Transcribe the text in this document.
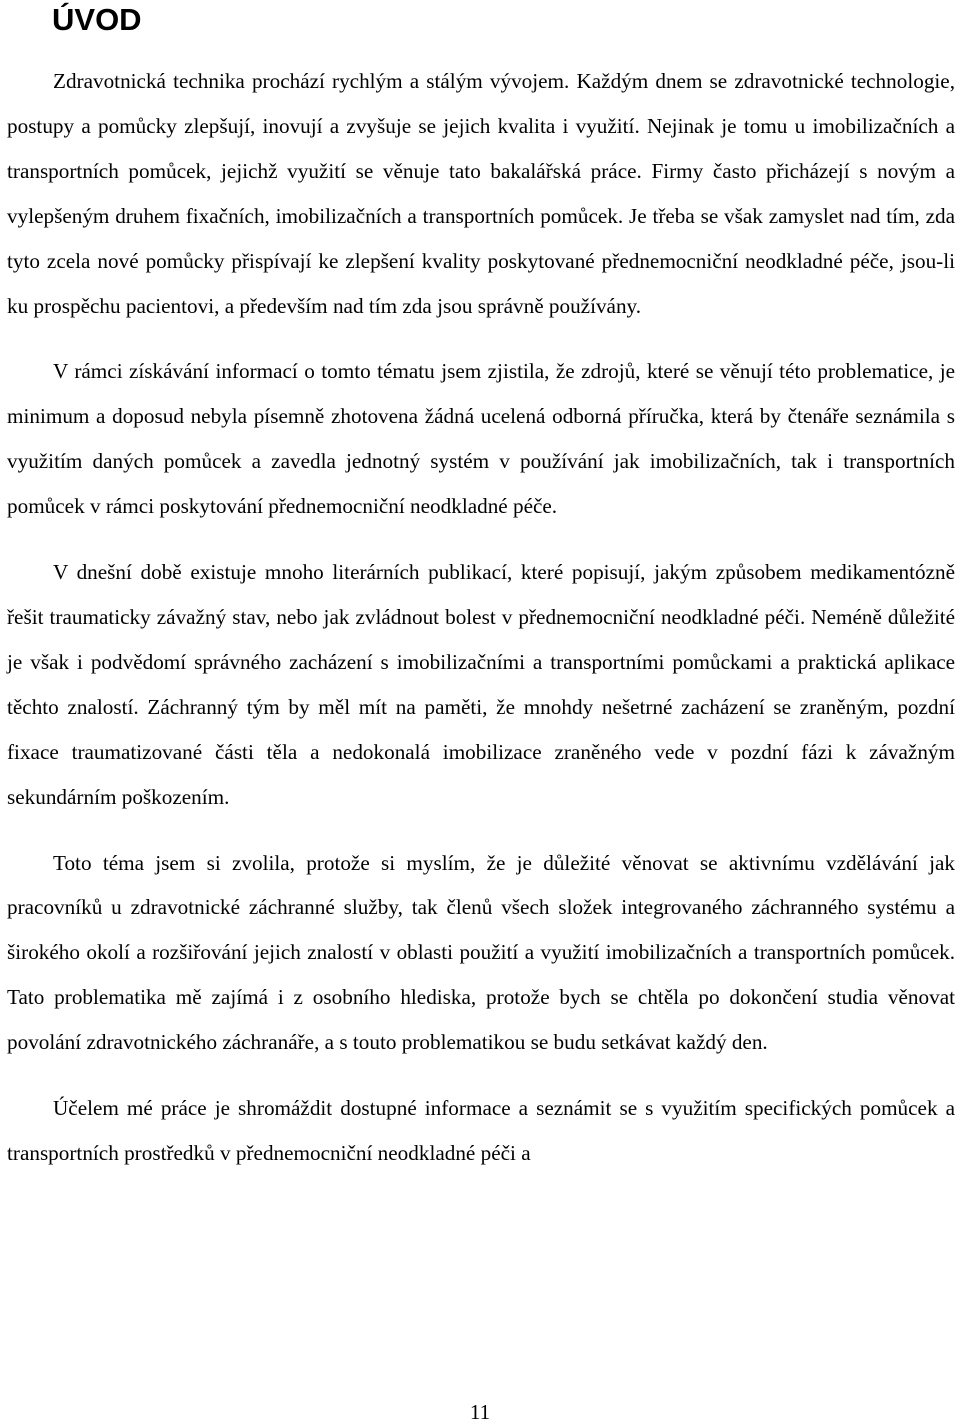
ÚVOD

Zdravotnická technika prochází rychlým a stálým vývojem. Každým dnem se zdravotnické technologie, postupy a pomůcky zlepšují, inovují a zvyšuje se jejich kvalita i využití. Nejinak je tomu u imobilizačních a transportních pomůcek, jejichž využití se věnuje tato bakalářská práce. Firmy často přicházejí s novým a vylepšeným druhem fixačních, imobilizačních a transportních pomůcek. Je třeba se však zamyslet nad tím, zda tyto zcela nové pomůcky přispívají ke zlepšení kvality poskytované přednemocniční neodkladné péče, jsou-li ku prospěchu pacientovi, a především nad tím zda jsou správně používány.

V rámci získávání informací o tomto tématu jsem zjistila, že zdrojů, které se věnují této problematice, je minimum a doposud nebyla písemně zhotovena žádná ucelená odborná příručka, která by čtenáře seznámila s využitím daných pomůcek a zavedla jednotný systém v používání jak imobilizačních, tak i transportních pomůcek v rámci poskytování přednemocniční neodkladné péče.

V dnešní době existuje mnoho literárních publikací, které popisují, jakým způsobem medikamentózně řešit traumaticky závažný stav, nebo jak zvládnout bolest v přednemocniční neodkladné péči. Neméně důležité je však i podvědomí správného zacházení s imobilizačními a transportními pomůckami a praktická aplikace těchto znalostí. Záchranný tým by měl mít na paměti, že mnohdy nešetrné zacházení se zraněným, pozdní fixace traumatizované části těla a nedokonalá imobilizace zraněného vede v pozdní fázi k závažným sekundárním poškozením.

Toto téma jsem si zvolila, protože si myslím, že je důležité věnovat se aktivnímu vzdělávání jak pracovníků u zdravotnické záchranné služby, tak členů všech složek integrovaného záchranného systému a širokého okolí a rozšiřování jejich znalostí v oblasti použití a využití imobilizačních a transportních pomůcek. Tato problematika mě zajímá i z osobního hlediska, protože bych se chtěla po dokončení studia věnovat povolání zdravotnického záchranáře, a s toutо problematikou se budu setkávat každý den.

Účelem mé práce je shromáždit dostupné informace a seznámit se s využitím specifických pomůcek a transportních prostředků v přednemocniční neodkladné péči a

11
